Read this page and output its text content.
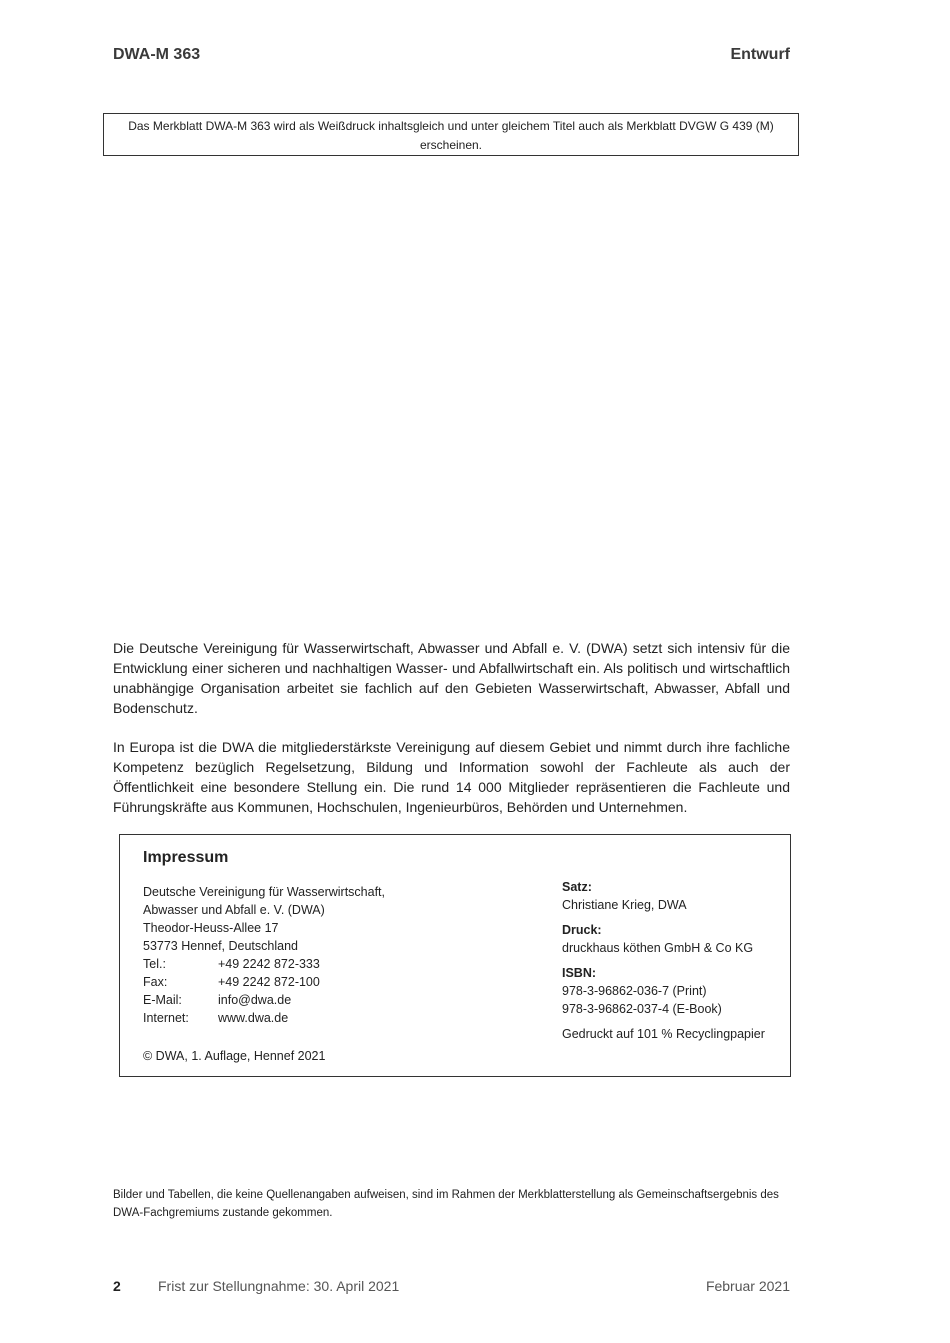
DWA-M 363	Entwurf
Das Merkblatt DWA-M 363 wird als Weißdruck inhaltsgleich und unter gleichem Titel auch als Merkblatt DVGW G 439 (M) erscheinen.

Die Deutsche Vereinigung für Wasserwirtschaft, Abwasser und Abfall e. V. (DWA) setzt sich intensiv für die Entwicklung einer sicheren und nachhaltigen Wasser- und Abfallwirtschaft ein. Als politisch und wirtschaftlich unabhängige Organisation arbeitet sie fachlich auf den Gebieten Wasserwirtschaft, Abwasser, Abfall und Bodenschutz.

In Europa ist die DWA die mitgliederstärkste Vereinigung auf diesem Gebiet und nimmt durch ihre fachliche Kompetenz bezüglich Regelsetzung, Bildung und Information sowohl der Fachleute als auch der Öffentlichkeit eine besondere Stellung ein. Die rund 14 000 Mitglieder repräsentieren die Fachleute und Führungskräfte aus Kommunen, Hochschulen, Ingenieurbüros, Behörden und Unternehmen.

Impressum
Deutsche Vereinigung für Wasserwirtschaft,
Abwasser und Abfall e. V. (DWA)
Theodor-Heuss-Allee 17
53773 Hennef, Deutschland
Tel.:	+49 2242 872-333
Fax:	+49 2242 872-100
E-Mail:	info@dwa.de
Internet:	www.dwa.de
© DWA, 1. Auflage, Hennef 2021
Satz:
Christiane Krieg, DWA
Druck:
druckhaus köthen GmbH & Co KG
ISBN:
978-3-96862-036-7 (Print)
978-3-96862-037-4 (E-Book)
Gedruckt auf 101 % Recyclingpapier
Bilder und Tabellen, die keine Quellenangaben aufweisen, sind im Rahmen der Merkblatterstellung als Gemeinschaftsergebnis des DWA-Fachgremiums zustande gekommen.
2	Frist zur Stellungnahme: 30. April 2021	Februar 2021
